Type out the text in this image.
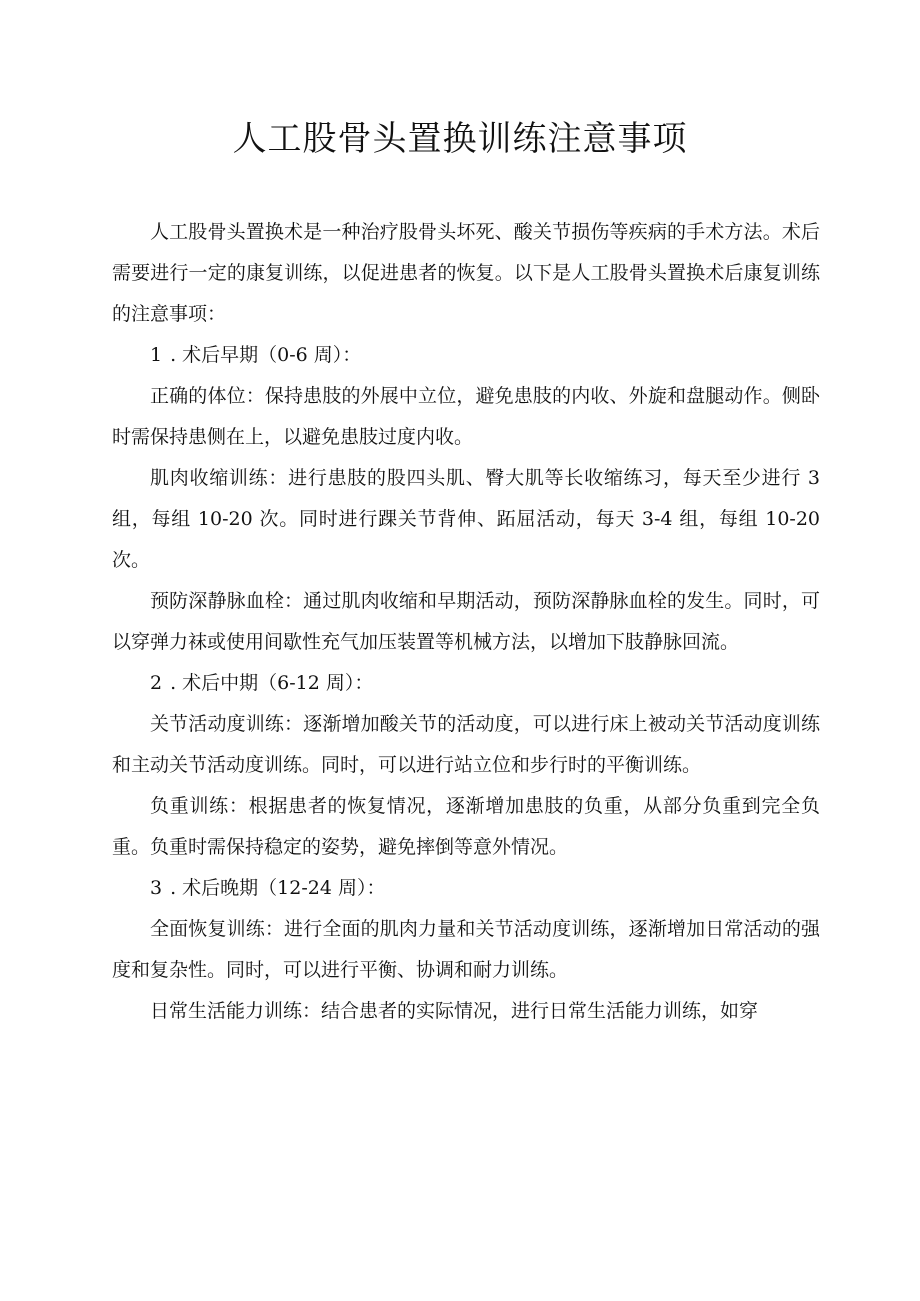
人工股骨头置换训练注意事项

人工股骨头置换术是一种治疗股骨头坏死、酸关节损伤等疾病的手术方法。术后需要进行一定的康复训练，以促进患者的恢复。以下是人工股骨头置换术后康复训练的注意事项：

1 . 术后早期（0-6 周）：

正确的体位：保持患肢的外展中立位，避免患肢的内收、外旋和盘腿动作。侧卧时需保持患侧在上，以避免患肢过度内收。

肌肉收缩训练：进行患肢的股四头肌、臀大肌等长收缩练习，每天至少进行 3 组，每组 10-20 次。同时进行踝关节背伸、跖屈活动，每天 3-4 组，每组 10-20 次。

预防深静脉血栓：通过肌肉收缩和早期活动，预防深静脉血栓的发生。同时，可以穿弹力袜或使用间歇性充气加压装置等机械方法，以增加下肢静脉回流。

2 . 术后中期（6-12 周）：

关节活动度训练：逐渐增加酸关节的活动度，可以进行床上被动关节活动度训练和主动关节活动度训练。同时，可以进行站立位和步行时的平衡训练。

负重训练：根据患者的恢复情况，逐渐增加患肢的负重，从部分负重到完全负重。负重时需保持稳定的姿势，避免摔倒等意外情况。

3 . 术后晚期（12-24 周）：

全面恢复训练：进行全面的肌肉力量和关节活动度训练，逐渐增加日常活动的强度和复杂性。同时，可以进行平衡、协调和耐力训练。

日常生活能力训练：结合患者的实际情况，进行日常生活能力训练，如穿
